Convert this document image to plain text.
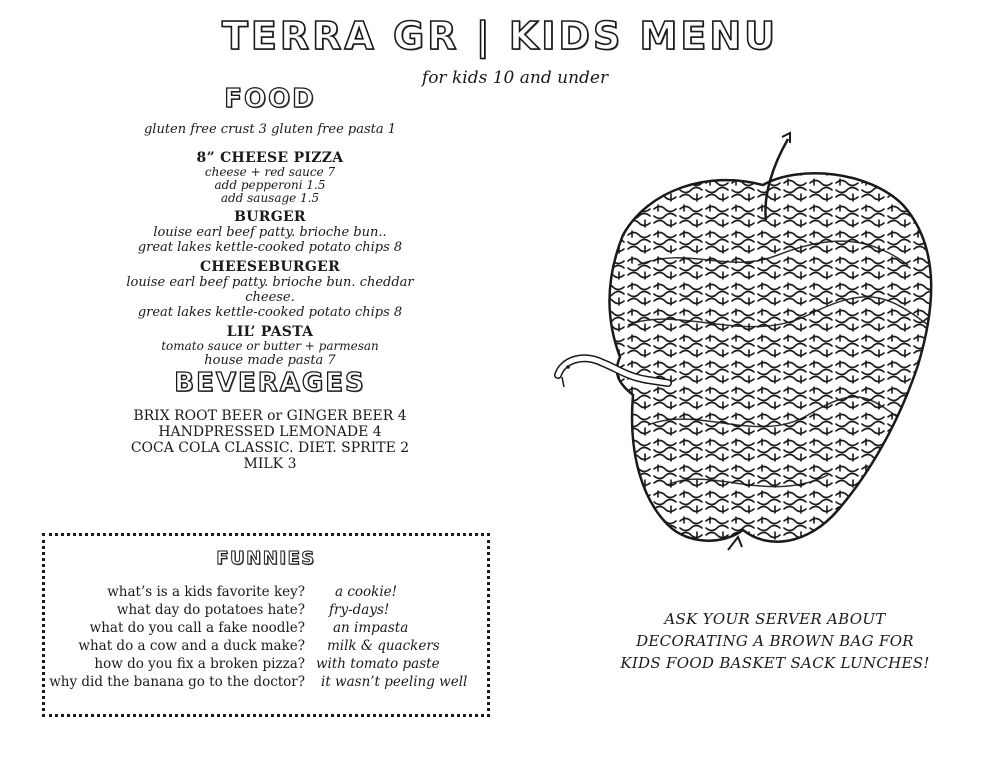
TERRA GR | KIDS MENU
for kids 10 and under
FOOD
gluten free crust 3 gluten free pasta 1
8” CHEESE PIZZA
cheese + red sauce 7
add pepperoni 1.5
add sausage 1.5
BURGER
louise earl beef patty. brioche bun..
great lakes kettle-cooked potato chips 8
CHEESEBURGER
louise earl beef patty. brioche bun. cheddar cheese.
great lakes kettle-cooked potato chips 8
LIL’ PASTA
tomato sauce or butter + parmesan
house made pasta 7
BEVERAGES
BRIX ROOT BEER or GINGER BEER 4
HANDPRESSED LEMONADE 4
COCA COLA CLASSIC. DIET. SPRITE 2
MILK 3
FUNNIES
what’s is a kids favorite key? a cookie!
what day do potatoes hate? fry-days!
what do you call a fake noodle? an impasta
what do a cow and a duck make? milk & quackers
how do you fix a broken pizza? with tomato paste
why did the banana go to the doctor? it wasn’t peeling well
ASK YOUR SERVER ABOUT
DECORATING A BROWN BAG FOR
KIDS FOOD BASKET SACK LUNCHES!
